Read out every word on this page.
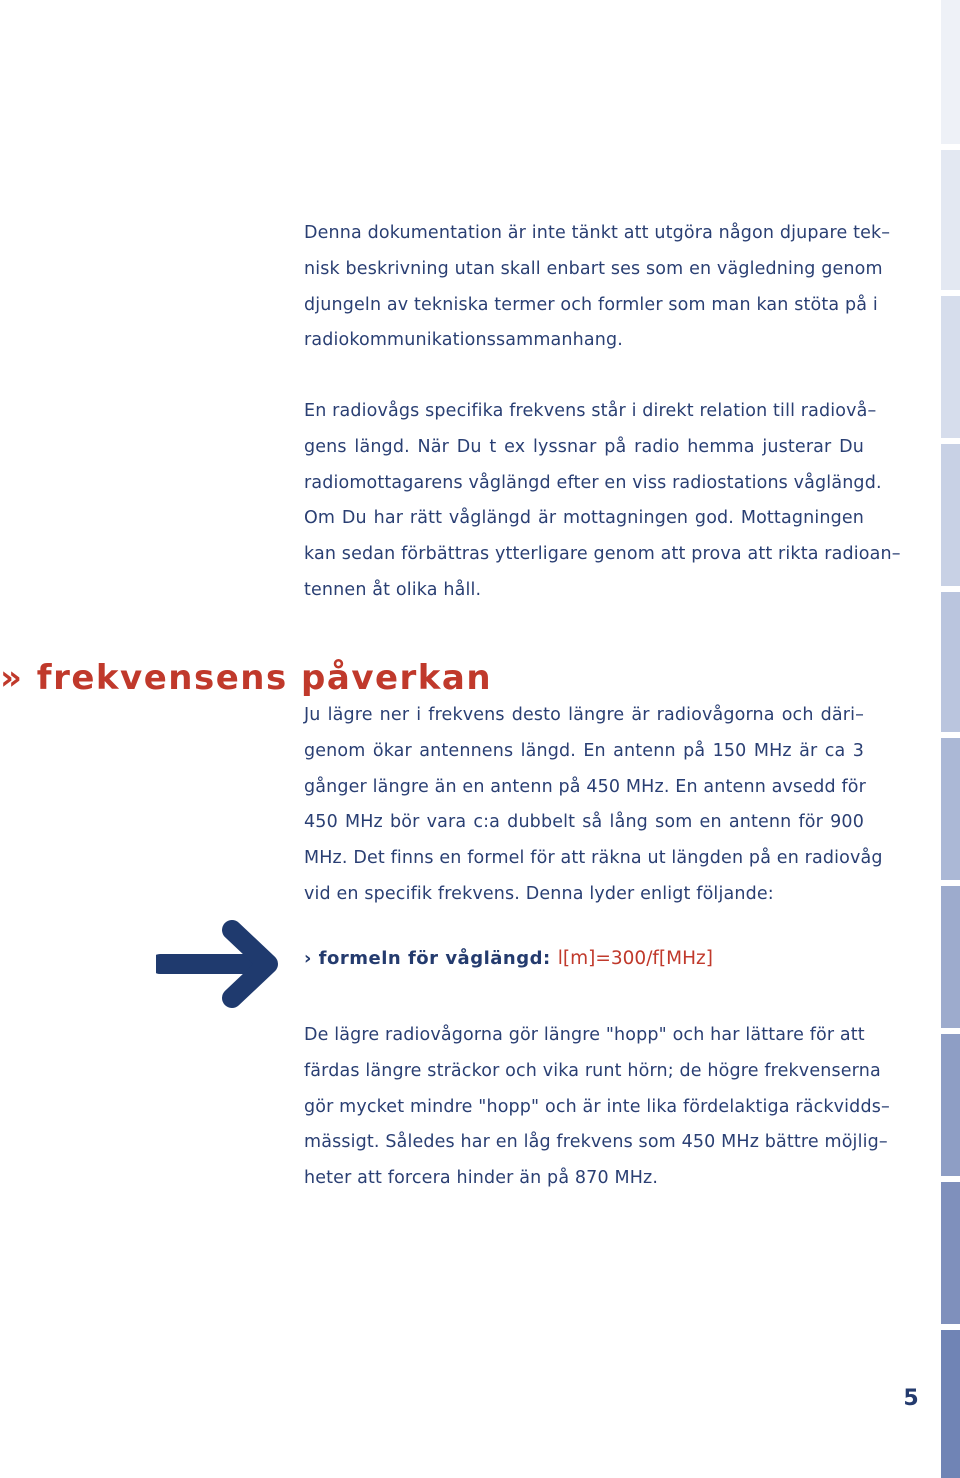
Denna dokumentation är inte tänkt att utgöra någon djupare tek–
nisk beskrivning utan skall enbart ses som en vägledning genom
djungeln av tekniska termer och formler som man kan stöta på i
radiokommunikationssammanhang.
En radiovågs specifika frekvens står i direkt relation till radiovå–
gens längd. När Du t ex lyssnar på radio hemma justerar Du
radiomottagarens våglängd efter en viss radiostations våglängd.
Om Du har rätt våglängd är mottagningen god. Mottagningen
kan sedan förbättras ytterligare genom att prova att rikta radioan–
tennen åt olika håll.
» frekvensens påverkan
Ju lägre ner i frekvens desto längre är radiovågorna och däri–
genom ökar antennens längd. En antenn på 150 MHz är ca 3
gånger längre än en antenn på 450 MHz. En antenn avsedd för
450 MHz bör vara c:a dubbelt så lång som en antenn för 900
MHz. Det finns en formel för att räkna ut längden på en radiovåg
vid en specifik frekvens. Denna lyder enligt följande:
› formeln för våglängd: l[m]=300/f[MHz]
De lägre radiovågorna gör längre "hopp" och har lättare för att
färdas längre sträckor och vika runt hörn; de högre frekvenserna
gör mycket mindre "hopp" och är inte lika fördelaktiga räckvidds–
mässigt. Således har en låg frekvens som 450 MHz bättre möjlig–
heter att forcera hinder än på 870 MHz.
5
